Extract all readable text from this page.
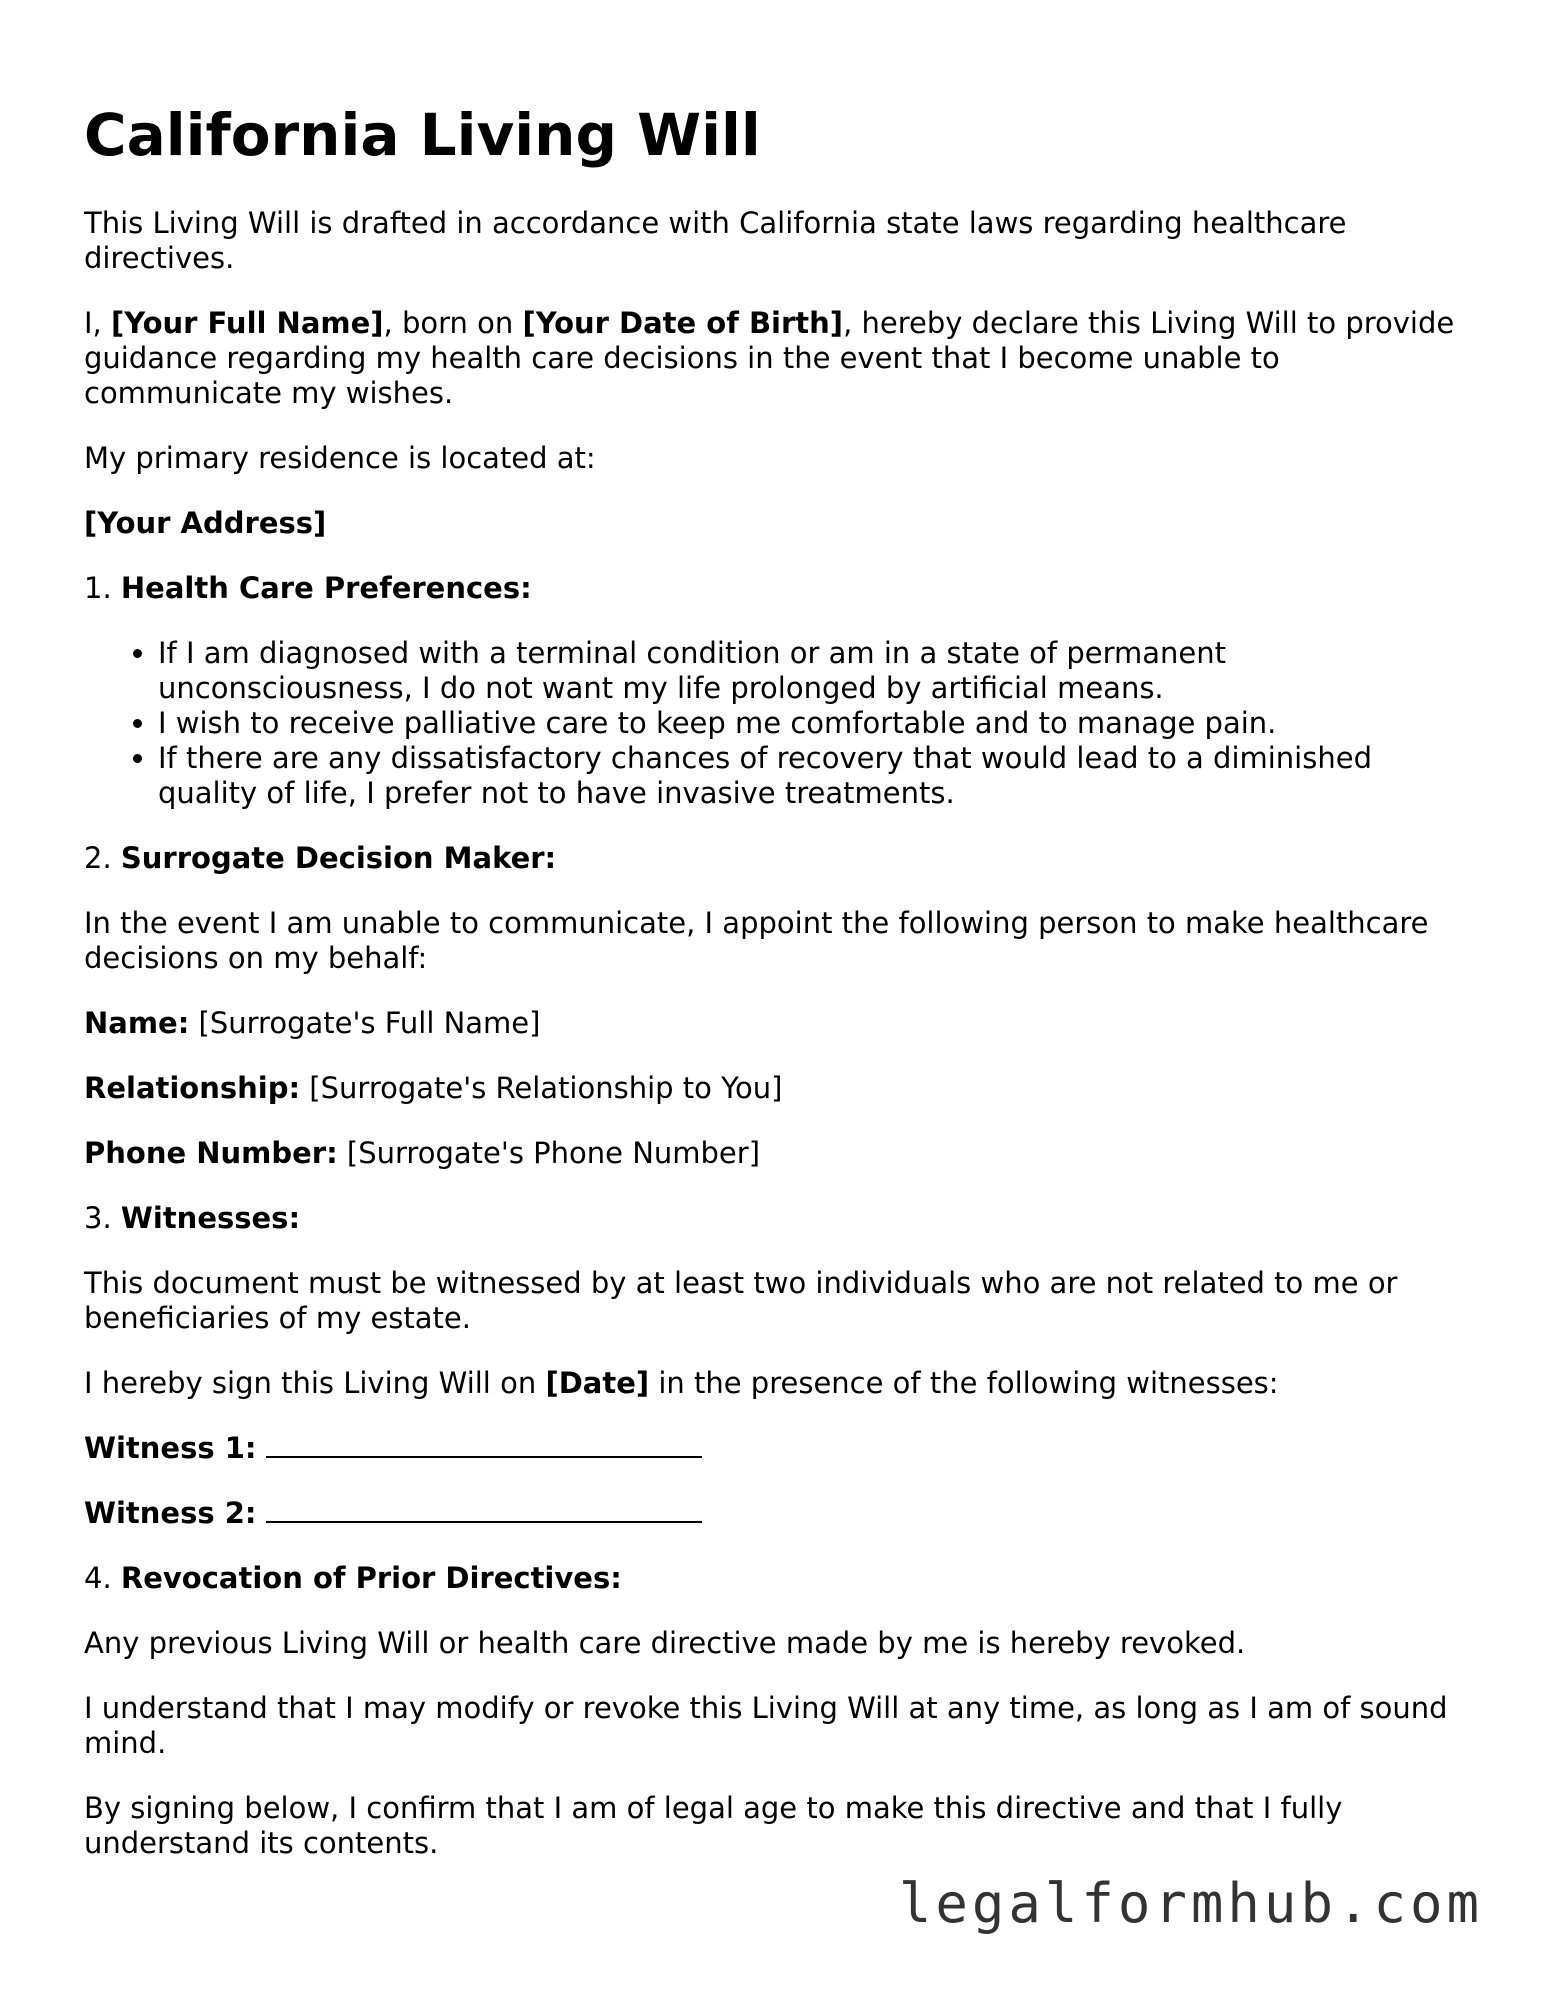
California Living Will

This Living Will is drafted in accordance with California state laws regarding healthcare directives.

I, [Your Full Name], born on [Your Date of Birth], hereby declare this Living Will to provide guidance regarding my health care decisions in the event that I become unable to communicate my wishes.

My primary residence is located at:

[Your Address]

1. Health Care Preferences:

• If I am diagnosed with a terminal condition or am in a state of permanent unconsciousness, I do not want my life prolonged by artificial means.
• I wish to receive palliative care to keep me comfortable and to manage pain.
• If there are any dissatisfactory chances of recovery that would lead to a diminished quality of life, I prefer not to have invasive treatments.

2. Surrogate Decision Maker:

In the event I am unable to communicate, I appoint the following person to make healthcare decisions on my behalf:

Name: [Surrogate's Full Name]

Relationship: [Surrogate's Relationship to You]

Phone Number: [Surrogate's Phone Number]

3. Witnesses:

This document must be witnessed by at least two individuals who are not related to me or beneficiaries of my estate.

I hereby sign this Living Will on [Date] in the presence of the following witnesses:

Witness 1:

Witness 2:

4. Revocation of Prior Directives:

Any previous Living Will or health care directive made by me is hereby revoked.

I understand that I may modify or revoke this Living Will at any time, as long as I am of sound mind.

By signing below, I confirm that I am of legal age to make this directive and that I fully understand its contents.

legalformhub.com
